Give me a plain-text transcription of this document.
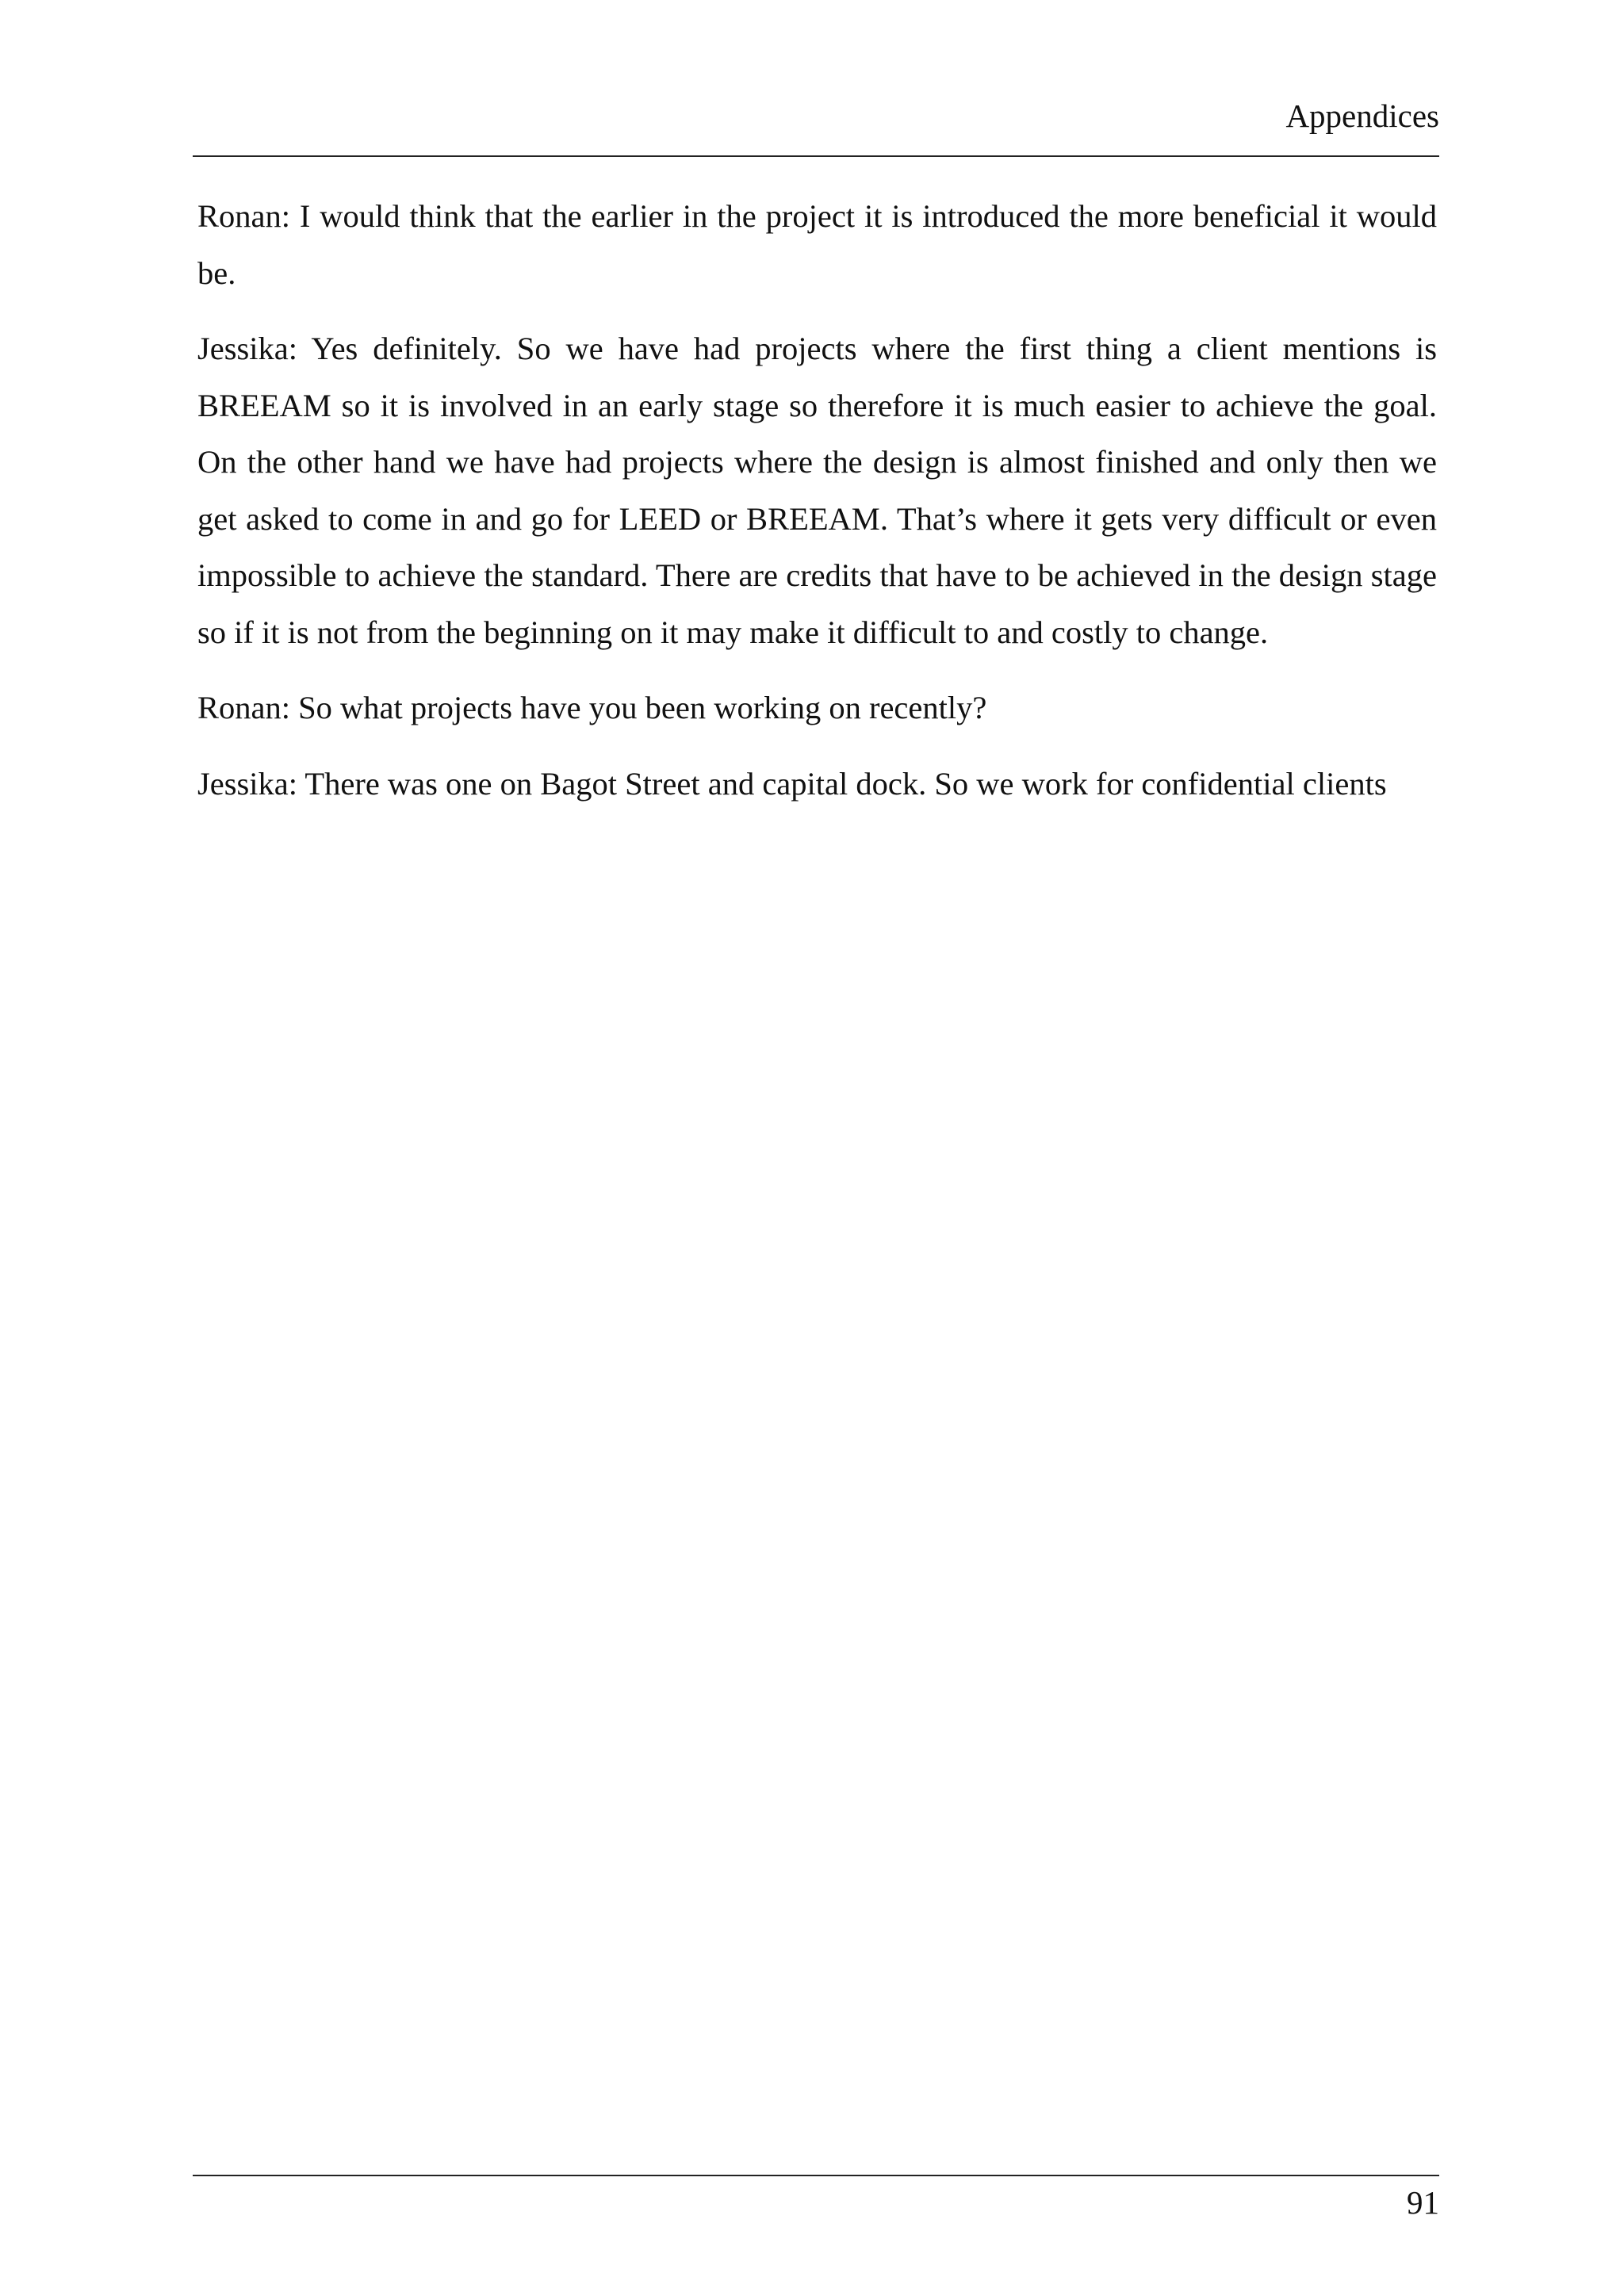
Appendices

Ronan: I would think that the earlier in the project it is introduced the more beneficial it would be.

Jessika: Yes definitely. So we have had projects where the first thing a client mentions is BREEAM so it is involved in an early stage so therefore it is much easier to achieve the goal. On the other hand we have had projects where the design is almost finished and only then we get asked to come in and go for LEED or BREEAM. That’s where it gets very difficult or even impossible to achieve the standard. There are credits that have to be achieved in the design stage so if it is not from the beginning on it may make it difficult to and costly to change.

Ronan: So what projects have you been working on recently?

Jessika: There was one on Bagot Street and capital dock. So we work for confidential clients

91
